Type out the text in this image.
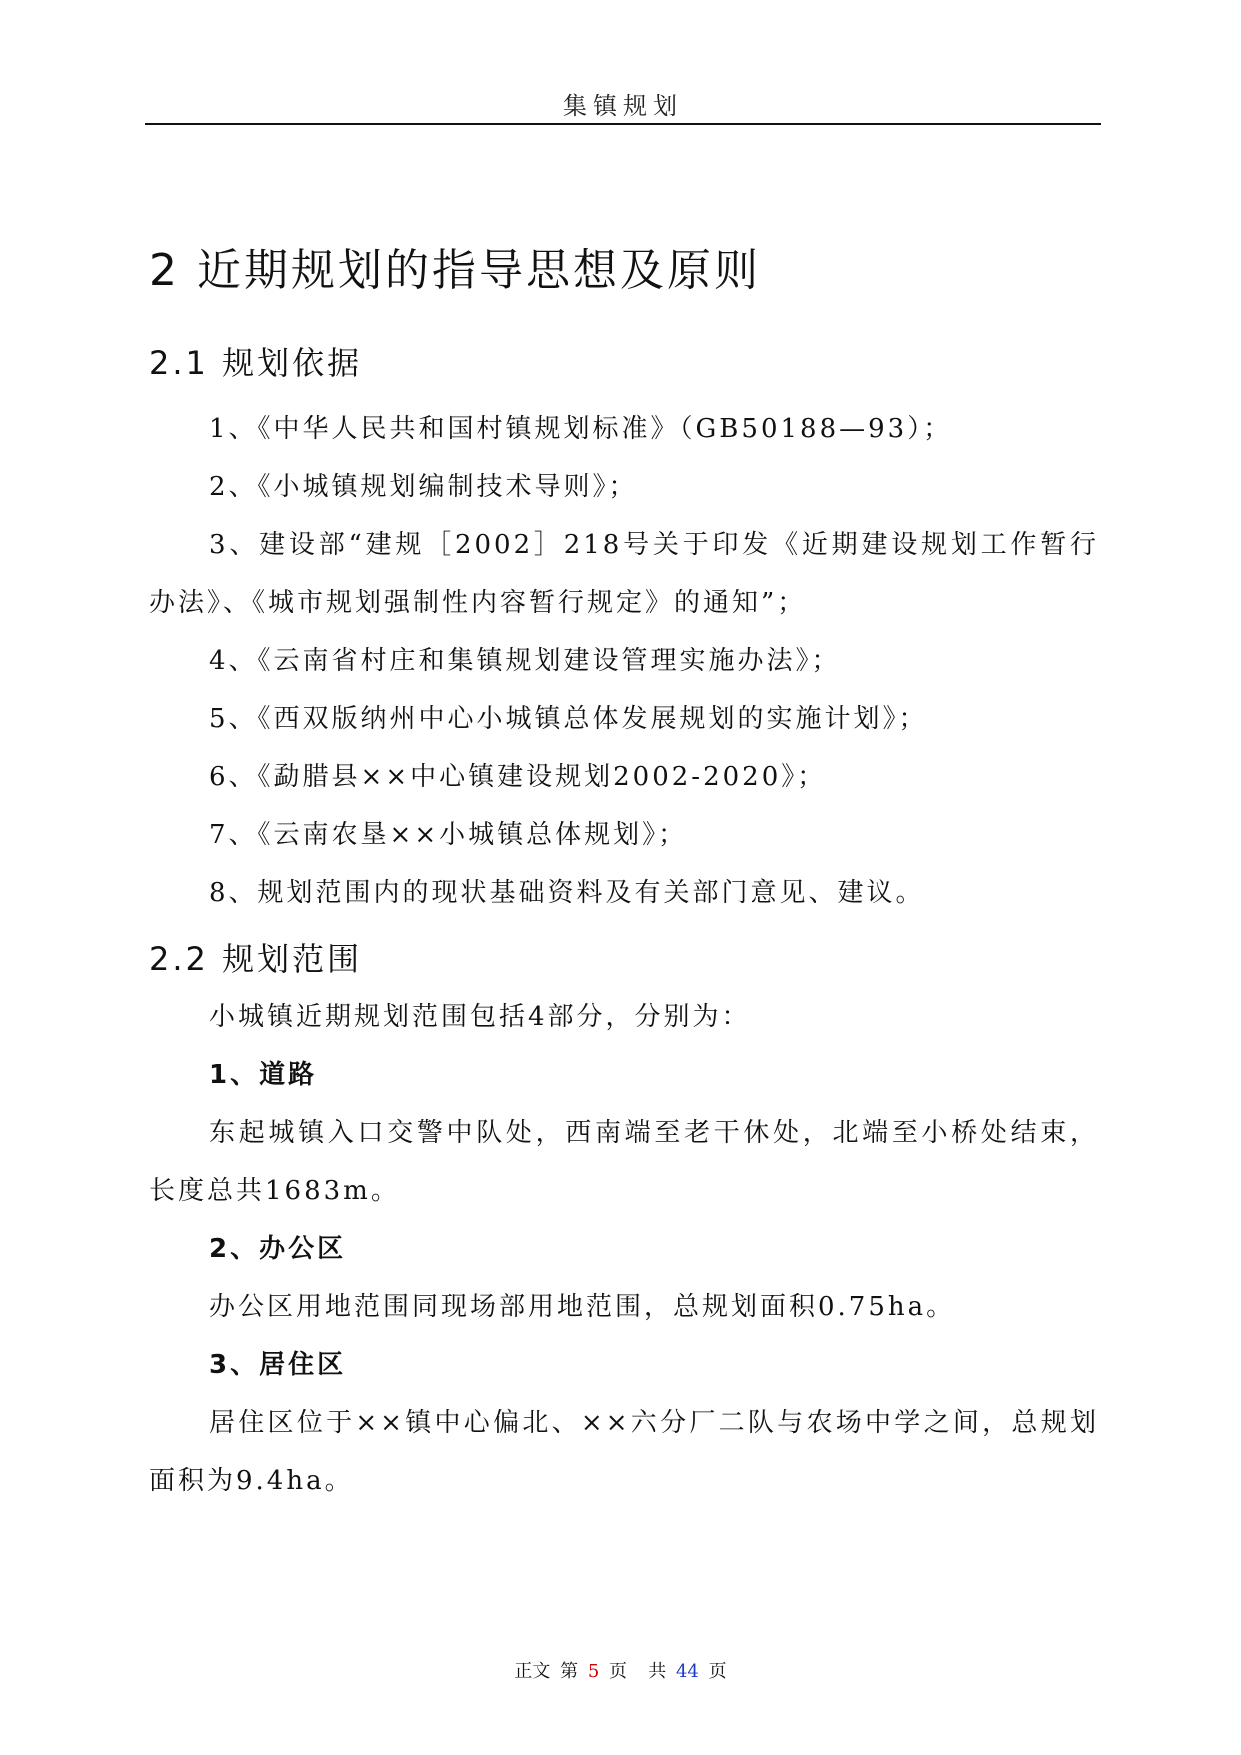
集镇规划
2 近期规划的指导思想及原则
2.1 规划依据

1、《中华人民共和国村镇规划标准》（GB50188—93）；

2、《小城镇规划编制技术导则》；

3、建设部“建规［2002］218号关于印发《近期建设规划工作暂行办法》、《城市规划强制性内容暂行规定》的通知”；

4、《云南省村庄和集镇规划建设管理实施办法》；

5、《西双版纳州中心小城镇总体发展规划的实施计划》；

6、《勐腊县××中心镇建设规划2002-2020》；

7、《云南农垦××小城镇总体规划》；

8、规划范围内的现状基础资料及有关部门意见、建议。

2.2 规划范围

小城镇近期规划范围包括4部分，分别为：

1、道路

东起城镇入口交警中队处，西南端至老干休处，北端至小桥处结束，长度总共1683m。

2、办公区

办公区用地范围同现场部用地范围，总规划面积0.75ha。

3、居住区

居住区位于××镇中心偏北、××六分厂二队与农场中学之间，总规划面积为9.4ha。

正文 第 5 页 共 44 页
